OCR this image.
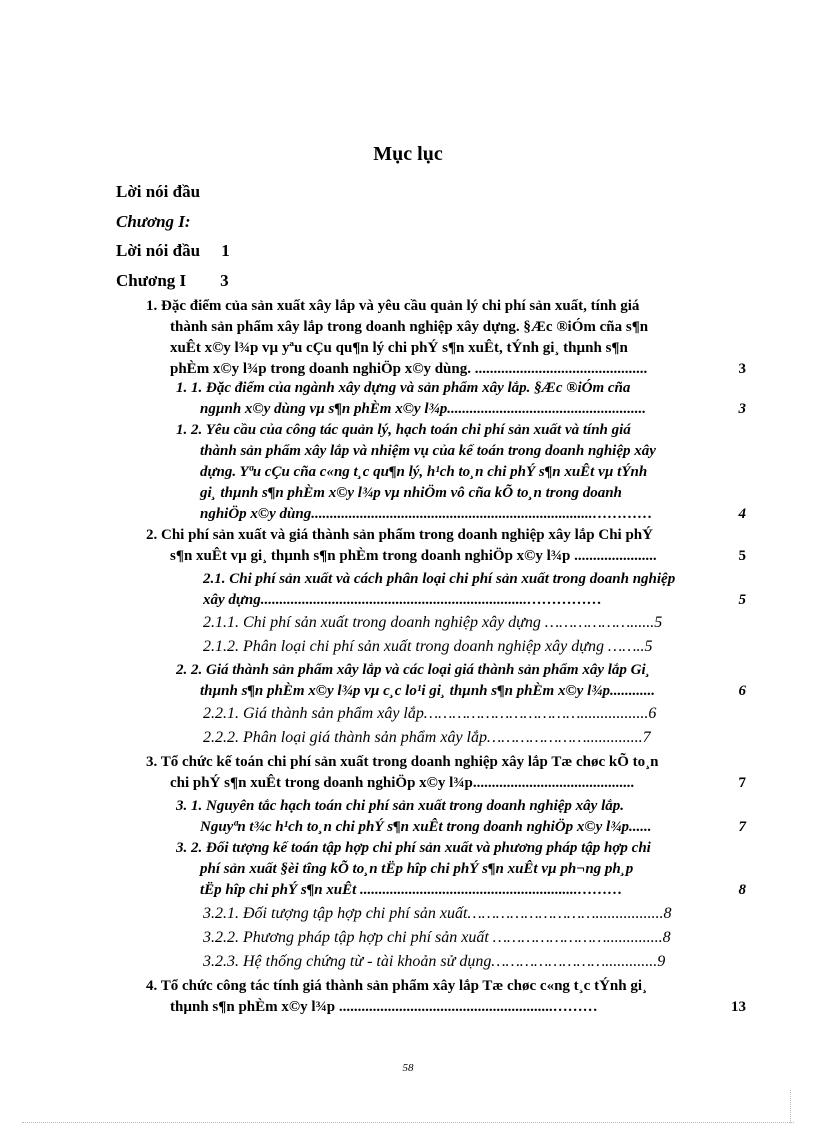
Mục lục
Lời nói đầu
Chương I:
Lời nói đầu     1
Chương I        3
1. Đặc điểm của sản xuất xây lắp và yêu cầu quản lý chi phí sản xuất, tính giá
thành sản phẩm xây lắp trong doanh nghiệp xây dựng. §Æc ®iÓm cña s¶n
xuÊt x©y l¾p vµ yªu cÇu qu¶n lý chi phÝ s¶n xuÊt, tÝnh gi¸ thµnh s¶n
phÈm x©y l¾p trong doanh nghiÖp x©y dùng. ..............................................	3
1. 1. Đặc điểm của ngành xây dựng và sản phẩm xây lắp. §Æc ®iÓm cña
ngµnh x©y dùng vµ s¶n phÈm x©y l¾p.....................................................	3
1. 2. Yêu cầu của công tác quản lý, hạch toán chi phí sản xuất và tính giá
thành sản phẩm xây lắp và nhiệm vụ của kế toán trong doanh nghiệp xây
dựng. Yªu cÇu cña c«ng t¸c qu¶n lý, h¹ch to¸n chi phÝ s¶n xuÊt vµ tÝnh
gi¸ thµnh s¶n phÈm x©y l¾p vµ nhiÖm vô cña kÕ to¸n trong doanh
nghiÖp x©y dùng...........................................................................…………	4
2. Chi phí sản xuất và giá thành sản phẩm trong doanh nghiệp xây lắp Chi phÝ
s¶n xuÊt vµ gi¸ thµnh s¶n phÈm trong doanh nghiÖp x©y l¾p ......................	5
2.1. Chi phí sản xuất và cách phân loại chi phí sản xuất trong doanh nghiệp
xây dựng.......................................................................……………	5
2.1.1. Chi phí sản xuất trong doanh nghiệp xây dựng ………………......5
2.1.2. Phân loại chi phí sản xuất trong doanh nghiệp xây dựng ……..5
2. 2. Giá thành sản phẩm xây lắp và các loại giá thành sản phẩm xây lắp Gi¸
thµnh s¶n phÈm x©y l¾p vµ c¸c lo¹i gi¸ thµnh s¶n phÈm x©y l¾p............	6
2.2.1. Giá thành sản phẩm xây lắp…………………………….................6
2.2.2. Phân loại giá thành sản phẩm xây lắp…………………..............7
3. Tổ chức kế toán chi phí sản xuất trong doanh nghiệp xây lắp Tæ chøc kÕ to¸n
chi phÝ s¶n xuÊt trong doanh nghiÖp x©y l¾p...........................................	7
3. 1. Nguyên tắc hạch toán chi phí sản xuất trong doanh nghiệp xây lắp.
Nguyªn t¾c h¹ch to¸n chi phÝ s¶n xuÊt trong doanh nghiÖp x©y l¾p......	7
3. 2. Đối tượng kế toán tập hợp chi phí sản xuất và phương pháp tập hợp chi
phí sản xuất §èi tîng kÕ to¸n tËp hîp chi phÝ s¶n xuÊt vµ ph¬ng ph¸p
tËp hîp chi phÝ s¶n xuÊt ..........................................................………	8
3.2.1. Đối tượng tập hợp chi phí sản xuất……………………….................8
3.2.2. Phương pháp tập hợp chi phí sản xuất ……………………..............8
3.2.3. Hệ thống chứng từ - tài khoản sử dụng…………………….............9
4. Tổ chức công tác tính giá thành sản phẩm xây lắp Tæ chøc c«ng t¸c tÝnh gi¸
thµnh s¶n phÈm x©y l¾p .........................................................………	13
58
